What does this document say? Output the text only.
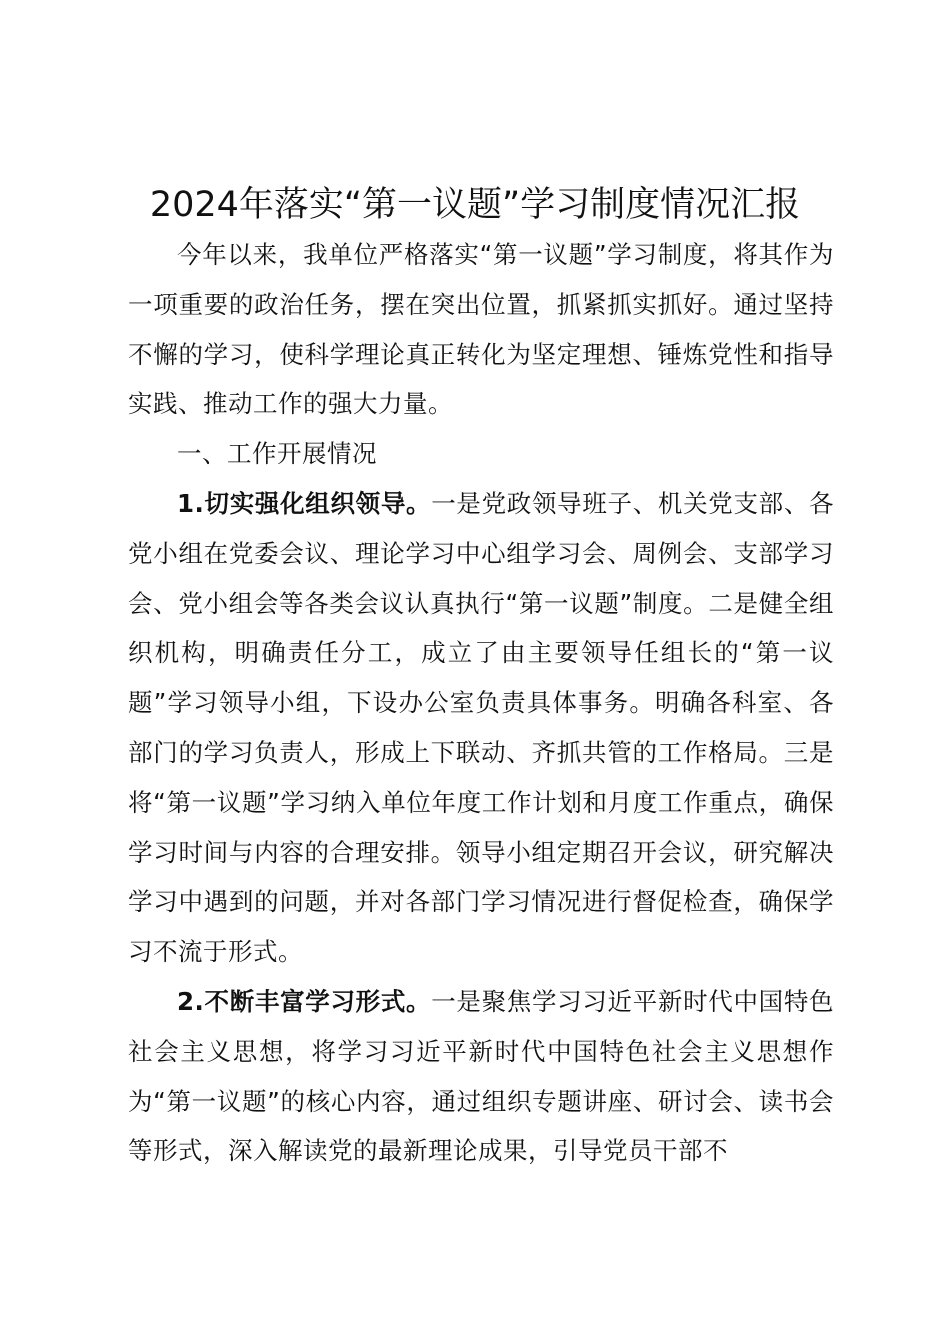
2024年落实“第一议题”学习制度情况汇报

今年以来，我单位严格落实“第一议题”学习制度，将其作为一项重要的政治任务，摆在突出位置，抓紧抓实抓好。通过坚持不懈的学习，使科学理论真正转化为坚定理想、锤炼党性和指导实践、推动工作的强大力量。

一、工作开展情况

1.切实强化组织领导。一是党政领导班子、机关党支部、各党小组在党委会议、理论学习中心组学习会、周例会、支部学习会、党小组会等各类会议认真执行“第一议题”制度。二是健全组织机构，明确责任分工，成立了由主要领导任组长的“第一议题”学习领导小组，下设办公室负责具体事务。明确各科室、各部门的学习负责人，形成上下联动、齐抓共管的工作格局。三是将“第一议题”学习纳入单位年度工作计划和月度工作重点，确保学习时间与内容的合理安排。领导小组定期召开会议，研究解决学习中遇到的问题，并对各部门学习情况进行督促检查，确保学习不流于形式。

2.不断丰富学习形式。一是聚焦学习习近平新时代中国特色社会主义思想，将学习习近平新时代中国特色社会主义思想作为“第一议题”的核心内容，通过组织专题讲座、研讨会、读书会等形式，深入解读党的最新理论成果，引导党员干部不
